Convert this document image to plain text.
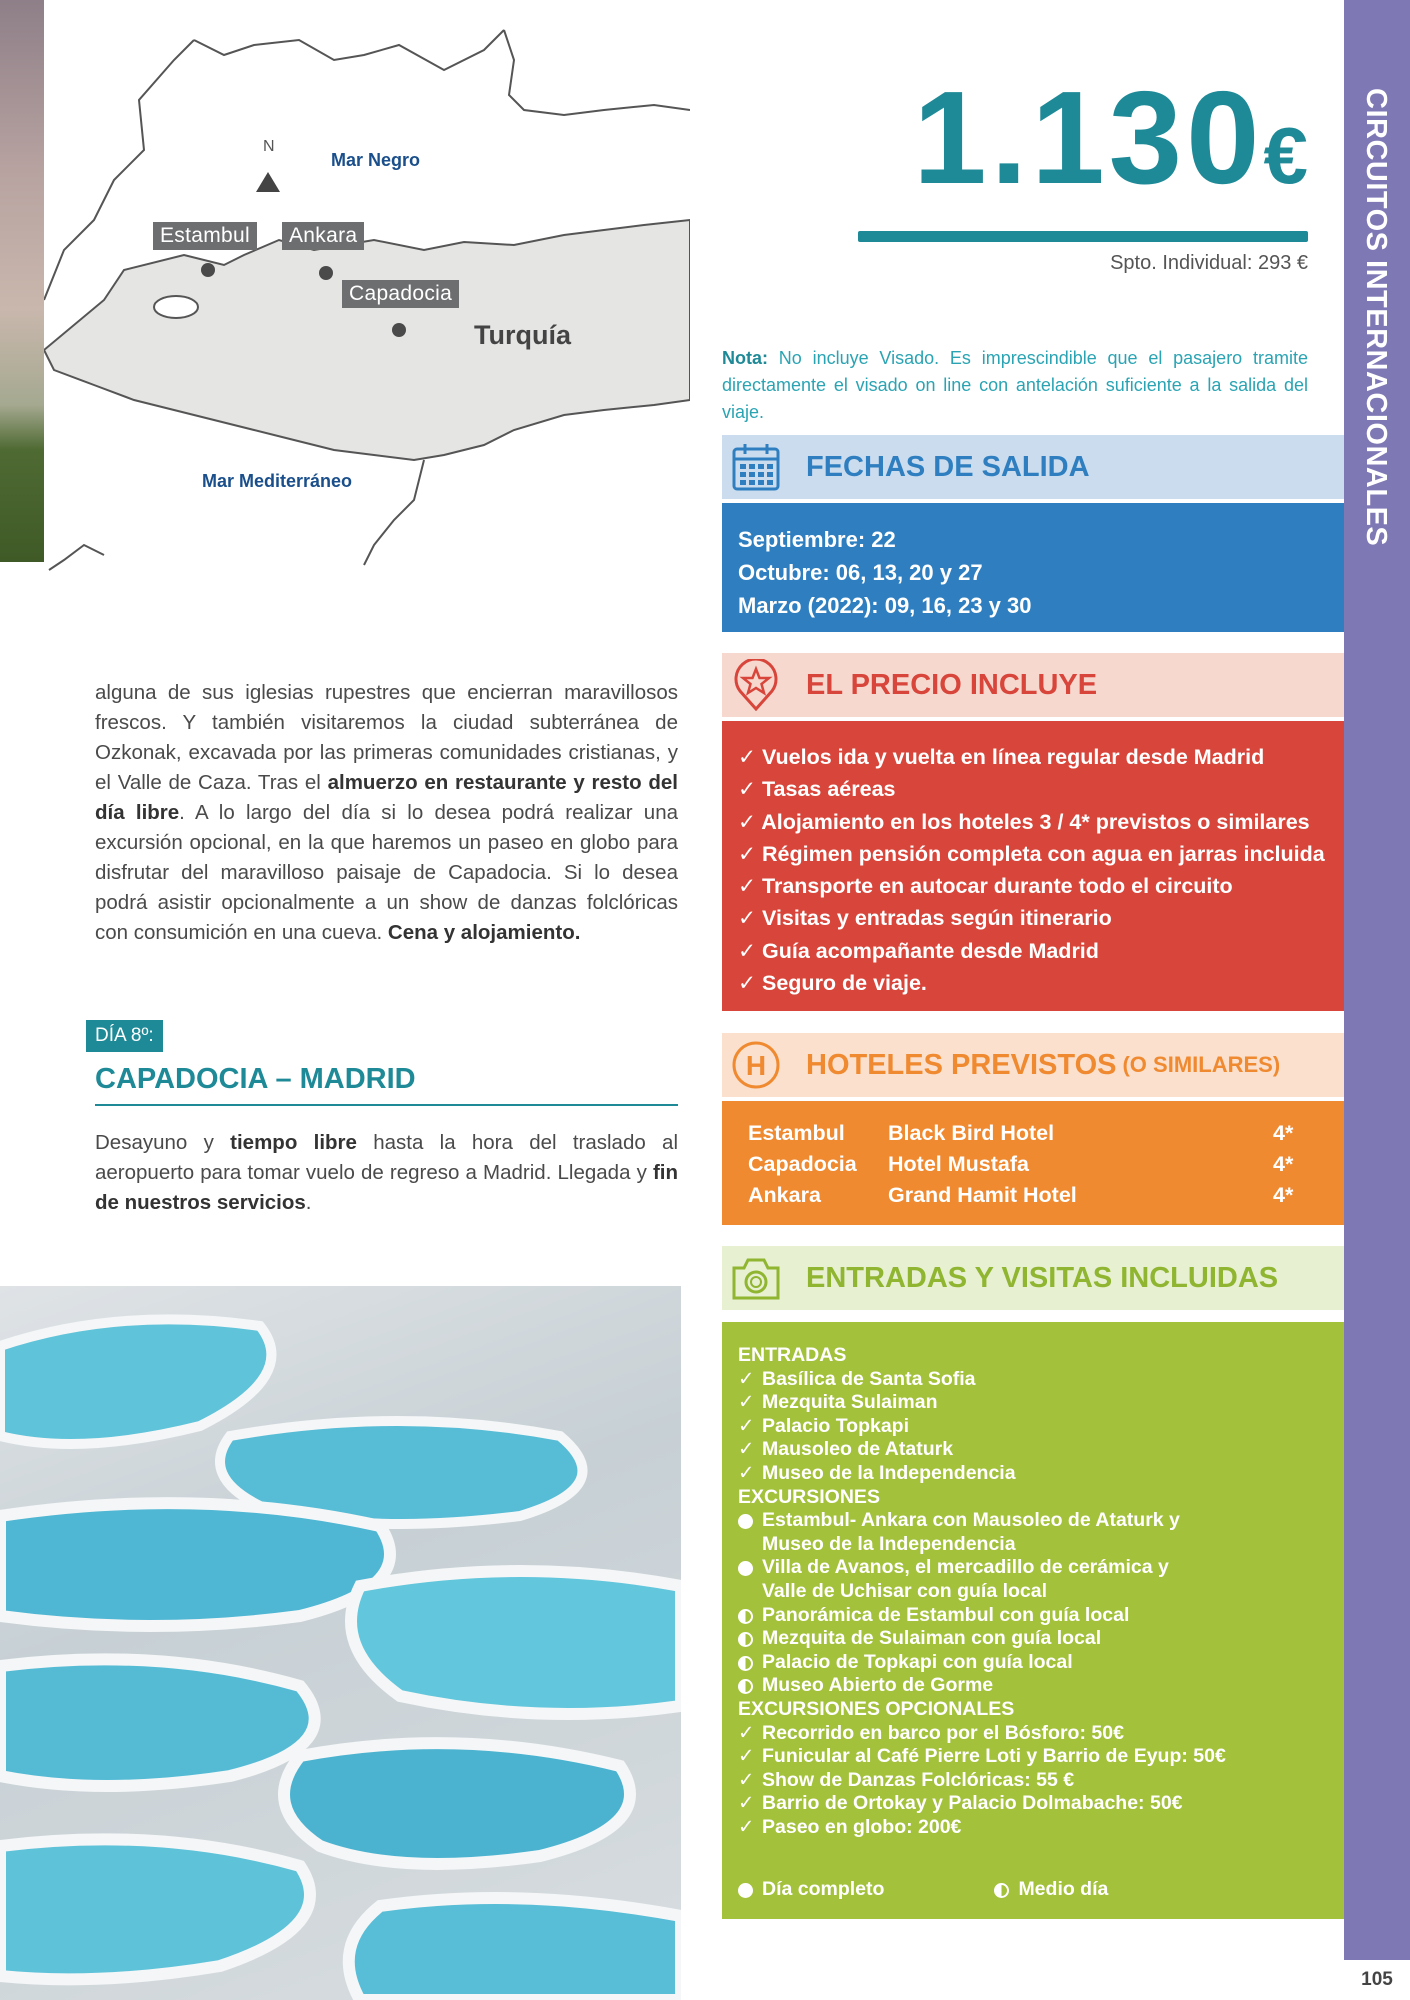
N
Mar Negro
Mar Mediterráneo
Turquía
Estambul	Ankara
Capadocia
alguna de sus iglesias rupestres que encierran maravillosos frescos. Y también visitaremos la ciudad subterránea de Ozkonak, excavada por las primeras comunidades cristianas, y el Valle de Caza. Tras el almuerzo en restaurante y resto del día libre. A lo largo del día si lo desea podrá realizar una excursión opcional, en la que haremos un paseo en globo para disfrutar del maravilloso paisaje de Capadocia. Si lo desea podrá asistir opcionalmente a un show de danzas folclóricas con consumición en una cueva. Cena y alojamiento.
DÍA 8º:
CAPADOCIA – MADRID
Desayuno y tiempo libre hasta la hora del traslado al aeropuerto para tomar vuelo de regreso a Madrid. Llegada y fin de nuestros servicios.
1.130€
Spto. Individual: 293 €
Nota: No incluye Visado. Es imprescindible que el pasajero tramite directamente el visado on line con antelación suficiente a la salida del viaje.
FECHAS DE SALIDA
Septiembre: 22
Octubre: 06, 13, 20 y 27
Marzo (2022): 09, 16, 23 y 30
EL PRECIO INCLUYE
✓ Vuelos ida y vuelta en línea regular desde Madrid
✓ Tasas aéreas
✓ Alojamiento en los hoteles 3 / 4* previstos o similares
✓ Régimen pensión completa con agua en jarras incluida
✓ Transporte en autocar durante todo el circuito
✓ Visitas y entradas según itinerario
✓ Guía acompañante desde Madrid
✓ Seguro de viaje.
H HOTELES PREVISTOS (O SIMILARES)
Estambul	Black Bird Hotel	4*
Capadocia	Hotel Mustafa	4*
Ankara	Grand Hamit Hotel	4*
ENTRADAS Y VISITAS INCLUIDAS
ENTRADAS
✓ Basílica de Santa Sofia
✓ Mezquita Sulaiman
✓ Palacio Topkapi
✓ Mausoleo de Ataturk
✓ Museo de la Independencia
EXCURSIONES
Estambul- Ankara con Mausoleo de Ataturk y
Museo de la Independencia
Villa de Avanos, el mercadillo de cerámica y
Valle de Uchisar con guía local
Panorámica de Estambul con guía local
Mezquita de Sulaiman con guía local
Palacio de Topkapi con guía local
Museo Abierto de Gorme
EXCURSIONES OPCIONALES
✓ Recorrido en barco por el Bósforo: 50€
✓ Funicular al Café Pierre Loti y Barrio de Eyup: 50€
✓ Show de Danzas Folclóricas: 55 €
✓ Barrio de Ortokay y Palacio Dolmabache: 50€
✓ Paseo en globo: 200€
Día completo	Medio día
CIRCUITOS INTERNACIONALES
105
